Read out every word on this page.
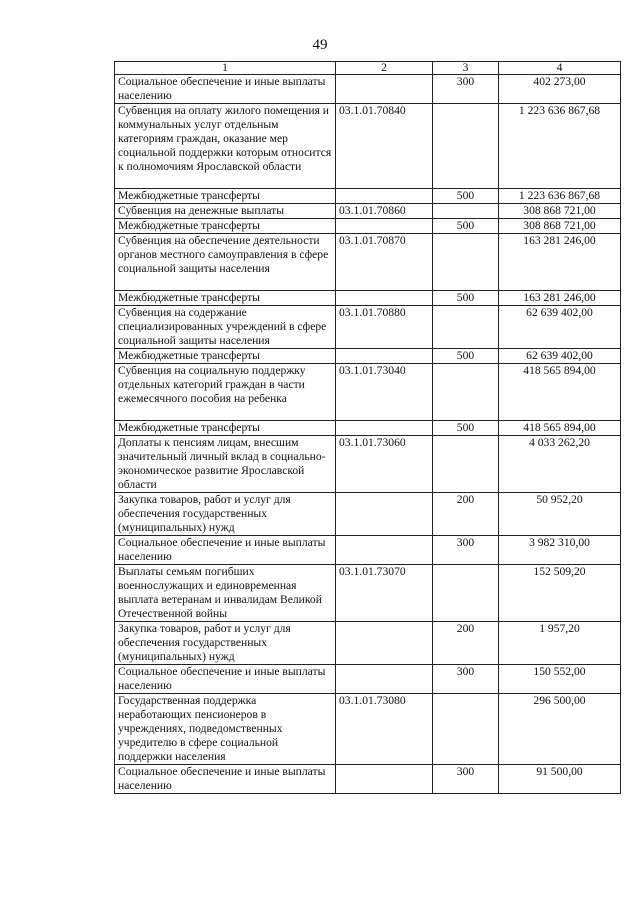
49
1	2	3	4
Социальное обеспечение и иные выплаты населению		300	402 273,00
Субвенция на оплату жилого помещения и коммунальных услуг отдельным категориям граждан, оказание мер социальной поддержки которым относится к полномочиям Ярославской области	03.1.01.70840		1 223 636 867,68
Межбюджетные трансферты		500	1 223 636 867,68
Субвенция на денежные выплаты	03.1.01.70860		308 868 721,00
Межбюджетные трансферты		500	308 868 721,00
Субвенция на обеспечение деятельности органов местного самоуправления в сфере социальной защиты населения	03.1.01.70870		163 281 246,00
Межбюджетные трансферты		500	163 281 246,00
Субвенция на содержание специализированных учреждений в сфере социальной защиты населения	03.1.01.70880		62 639 402,00
Межбюджетные трансферты		500	62 639 402,00
Субвенция на социальную поддержку отдельных категорий граждан в части ежемесячного пособия на ребенка	03.1.01.73040		418 565 894,00
Межбюджетные трансферты		500	418 565 894,00
Доплаты к пенсиям лицам, внесшим значительный личный вклад в социально-экономическое развитие Ярославской области	03.1.01.73060		4 033 262,20
Закупка товаров, работ и услуг для обеспечения государственных (муниципальных) нужд		200	50 952,20
Социальное обеспечение и иные выплаты населению		300	3 982 310,00
Выплаты семьям погибших военнослужащих и единовременная выплата ветеранам и инвалидам Великой Отечественной войны	03.1.01.73070		152 509,20
Закупка товаров, работ и услуг для обеспечения государственных (муниципальных) нужд		200	1 957,20
Социальное обеспечение и иные выплаты населению		300	150 552,00
Государственная поддержка неработающих пенсионеров в учреждениях, подведомственных учредителю в сфере социальной поддержки населения	03.1.01.73080		296 500,00
Социальное обеспечение и иные выплаты населению		300	91 500,00
